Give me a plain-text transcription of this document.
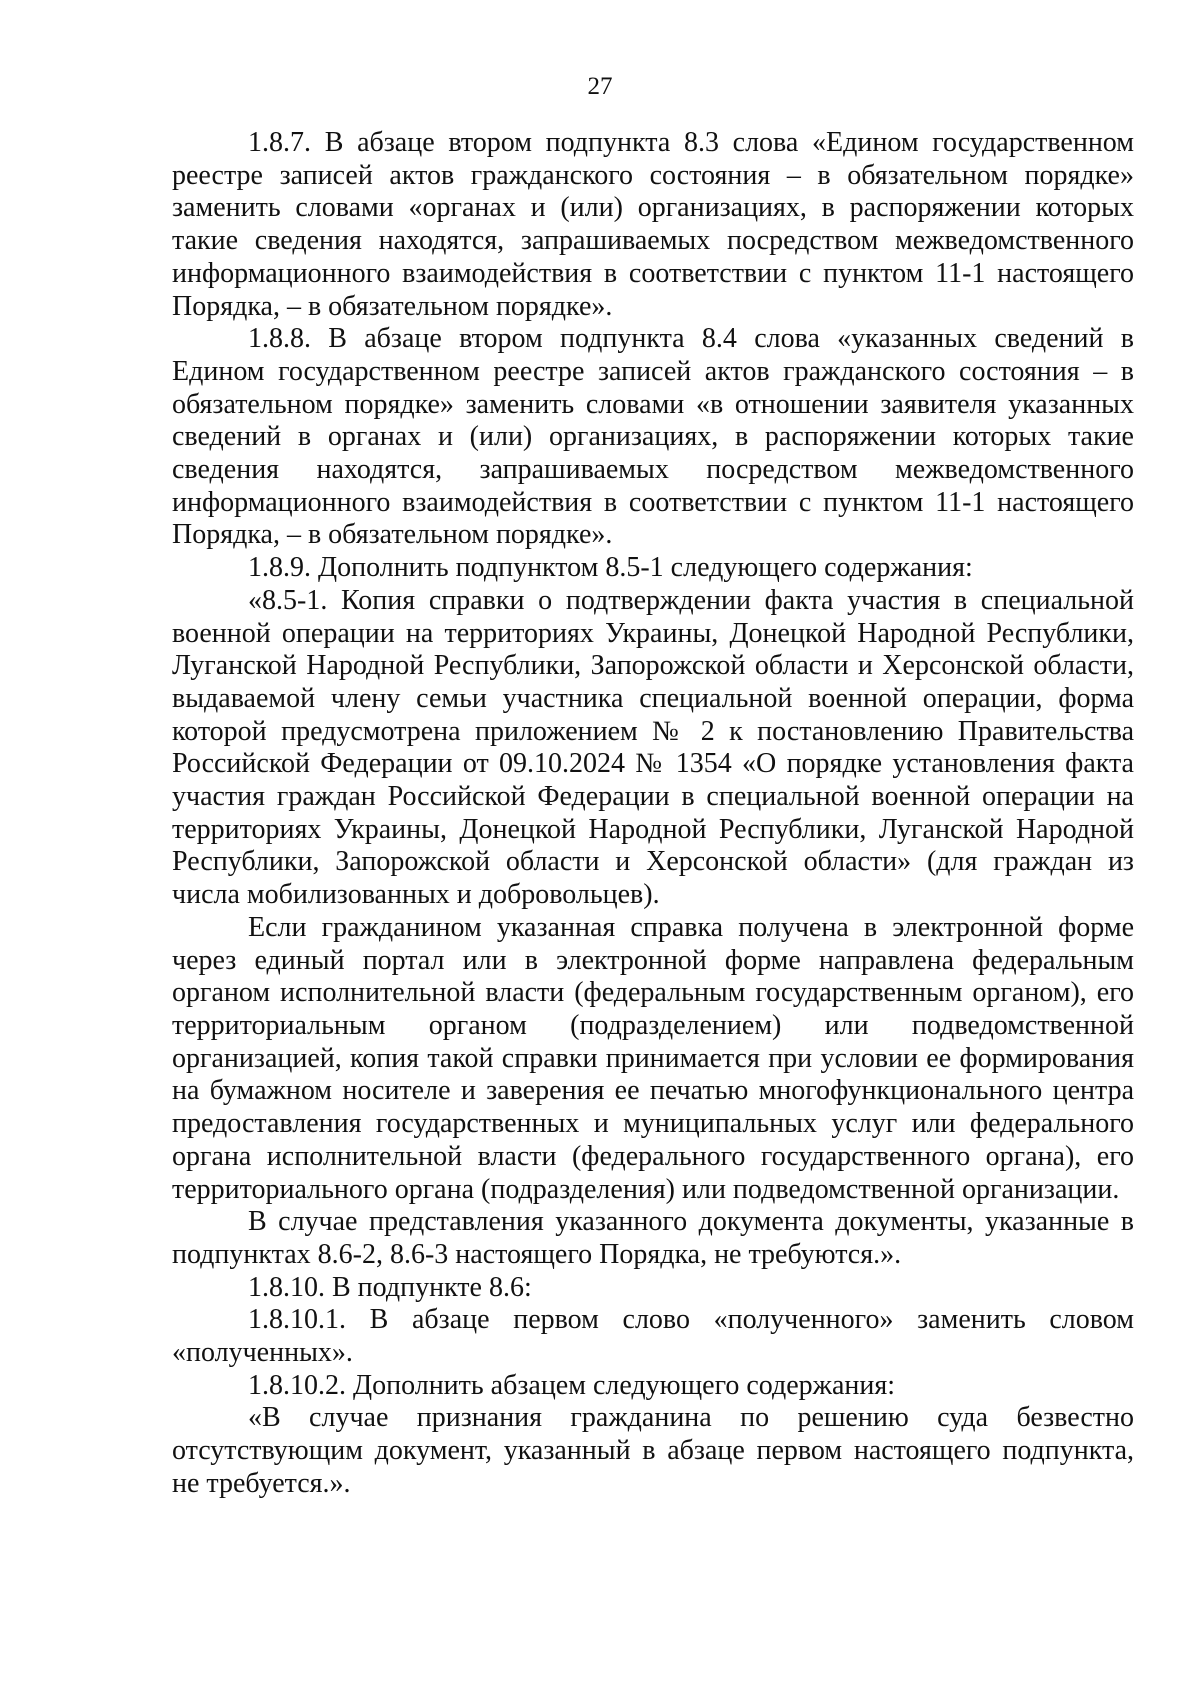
27

1.8.7. В абзаце втором подпункта 8.3 слова «Едином государственном реестре записей актов гражданского состояния – в обязательном порядке» заменить словами «органах и (или) организациях, в распоряжении которых такие сведения находятся, запрашиваемых посредством межведомственного информационного взаимодействия в соответствии с пунктом 11-1 настоящего Порядка, – в обязательном порядке».

1.8.8. В абзаце втором подпункта 8.4 слова «указанных сведений в Едином государственном реестре записей актов гражданского состояния – в обязательном порядке» заменить словами «в отношении заявителя указанных сведений в органах и (или) организациях, в распоряжении которых такие сведения находятся, запрашиваемых посредством межведомственного информационного взаимодействия в соответствии с пунктом 11-1 настоящего Порядка, – в обязательном порядке».

1.8.9. Дополнить подпунктом 8.5-1 следующего содержания:

«8.5-1. Копия справки о подтверждении факта участия в специальной военной операции на территориях Украины, Донецкой Народной Республики, Луганской Народной Республики, Запорожской области и Херсонской области, выдаваемой члену семьи участника специальной военной операции, форма которой предусмотрена приложением № 2 к постановлению Правительства Российской Федерации от 09.10.2024 № 1354 «О порядке установления факта участия граждан Российской Федерации в специальной военной операции на территориях Украины, Донецкой Народной Республики, Луганской Народной Республики, Запорожской области и Херсонской области» (для граждан из числа мобилизованных и добровольцев).

Если гражданином указанная справка получена в электронной форме через единый портал или в электронной форме направлена федеральным органом исполнительной власти (федеральным государственным органом), его территориальным органом (подразделением) или подведомственной организацией, копия такой справки принимается при условии ее формирования на бумажном носителе и заверения ее печатью многофункционального центра предоставления государственных и муниципальных услуг или федерального органа исполнительной власти (федерального государственного органа), его территориального органа (подразделения) или подведомственной организации.

В случае представления указанного документа документы, указанные в подпунктах 8.6-2, 8.6-3 настоящего Порядка, не требуются.».

1.8.10. В подпункте 8.6:

1.8.10.1. В абзаце первом слово «полученного» заменить словом «полученных».

1.8.10.2. Дополнить абзацем следующего содержания:

«В случае признания гражданина по решению суда безвестно отсутствующим документ, указанный в абзаце первом настоящего подпункта, не требуется.».
